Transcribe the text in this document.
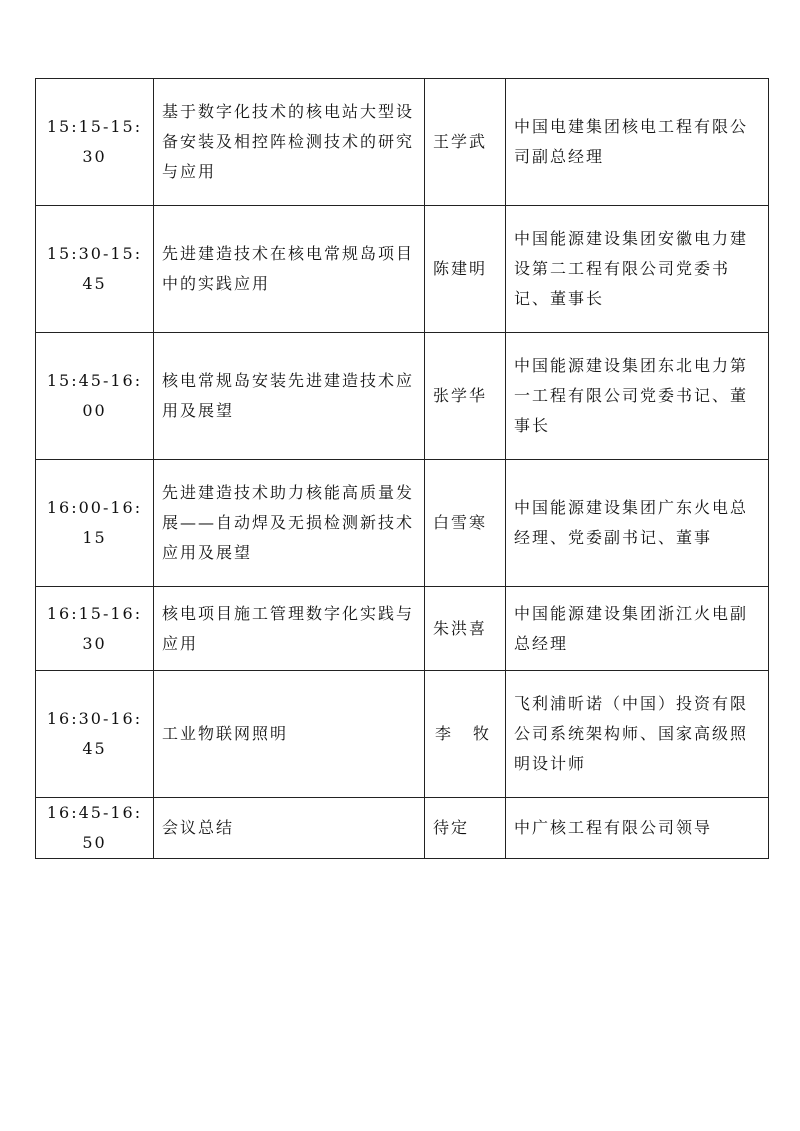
15:15-15:30	基于数字化技术的核电站大型设备安装及相控阵检测技术的研究与应用	王学武	中国电建集团核电工程有限公司副总经理
15:30-15:45	先进建造技术在核电常规岛项目中的实践应用	陈建明	中国能源建设集团安徽电力建设第二工程有限公司党委书记、董事长
15:45-16:00	核电常规岛安装先进建造技术应用及展望	张学华	中国能源建设集团东北电力第一工程有限公司党委书记、董事长
16:00-16:15	先进建造技术助力核能高质量发展——自动焊及无损检测新技术应用及展望	白雪寒	中国能源建设集团广东火电总经理、党委副书记、董事
16:15-16:30	核电项目施工管理数字化实践与应用	朱洪喜	中国能源建设集团浙江火电副总经理
16:30-16:45	工业物联网照明	李 牧	飞利浦昕诺（中国）投资有限公司系统架构师、国家高级照明设计师
16:45-16:50	会议总结	待定	中广核工程有限公司领导
